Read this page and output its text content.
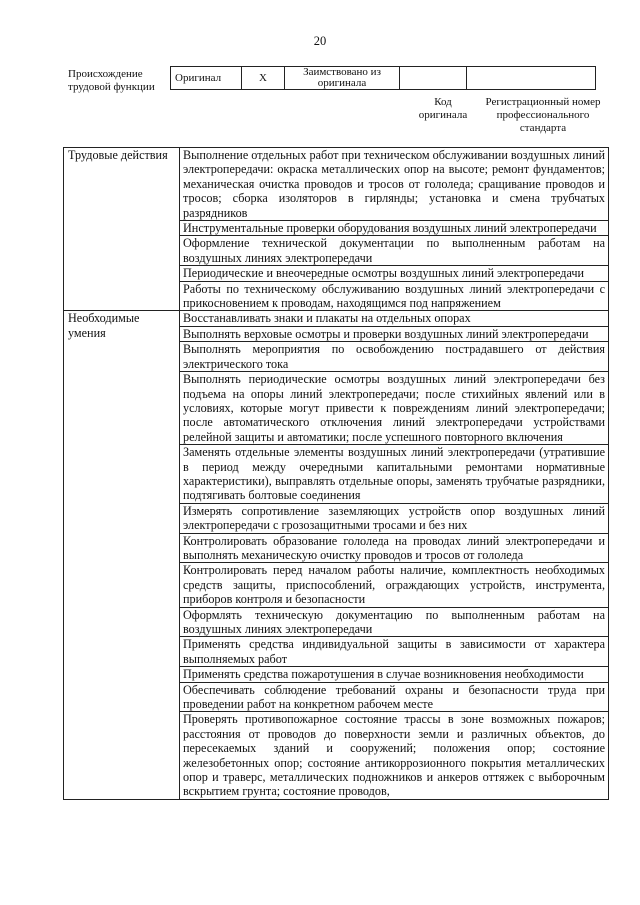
20
Происхождение трудовой функции
Оригинал	X	Заимствовано из оригинала		
Код оригинала
Регистрационный номер профессионального стандарта
Трудовые действия	Выполнение отдельных работ при техническом обслуживании воздушных линий электропередачи: окраска металлических опор на высоте; ремонт фундаментов; механическая очистка проводов и тросов от гололеда; сращивание проводов и тросов; сборка изоляторов в гирлянды; установка и смена трубчатых разрядников
	Инструментальные проверки оборудования воздушных линий электропередачи
	Оформление технической документации по выполненным работам на воздушных линиях электропередачи
	Периодические и внеочередные осмотры воздушных линий электропередачи
	Работы по техническому обслуживанию воздушных линий электропередачи с прикосновением к проводам, находящимся под напряжением
Необходимые умения	Восстанавливать знаки и плакаты на отдельных опорах
	Выполнять верховые осмотры и проверки воздушных линий электропередачи
	Выполнять мероприятия по освобождению пострадавшего от действия электрического тока
	Выполнять периодические осмотры воздушных линий электропередачи без подъема на опоры линий электропередачи; после стихийных явлений или в условиях, которые могут привести к повреждениям линий электропередачи; после автоматического отключения линий электропередачи устройствами релейной защиты и автоматики; после успешного повторного включения
	Заменять отдельные элементы воздушных линий электропередачи (утратившие в период между очередными капитальными ремонтами нормативные характеристики), выправлять отдельные опоры, заменять трубчатые разрядники, подтягивать болтовые соединения
	Измерять сопротивление заземляющих устройств опор воздушных линий электропередачи с грозозащитными тросами и без них
	Контролировать образование гололеда на проводах линий электропередачи и выполнять механическую очистку проводов и тросов от гололеда
	Контролировать перед началом работы наличие, комплектность необходимых средств защиты, приспособлений, ограждающих устройств, инструмента, приборов контроля и безопасности
	Оформлять техническую документацию по выполненным работам на воздушных линиях электропередачи
	Применять средства индивидуальной защиты в зависимости от характера выполняемых работ
	Применять средства пожаротушения в случае возникновения необходимости
	Обеспечивать соблюдение требований охраны и безопасности труда при проведении работ на конкретном рабочем месте
	Проверять противопожарное состояние трассы в зоне возможных пожаров; расстояния от проводов до поверхности земли и различных объектов, до пересекаемых зданий и сооружений; положения опор; состояние железобетонных опор; состояние антикоррозионного покрытия металлических опор и траверс, металлических подножников и анкеров оттяжек с выборочным вскрытием грунта; состояние проводов,
